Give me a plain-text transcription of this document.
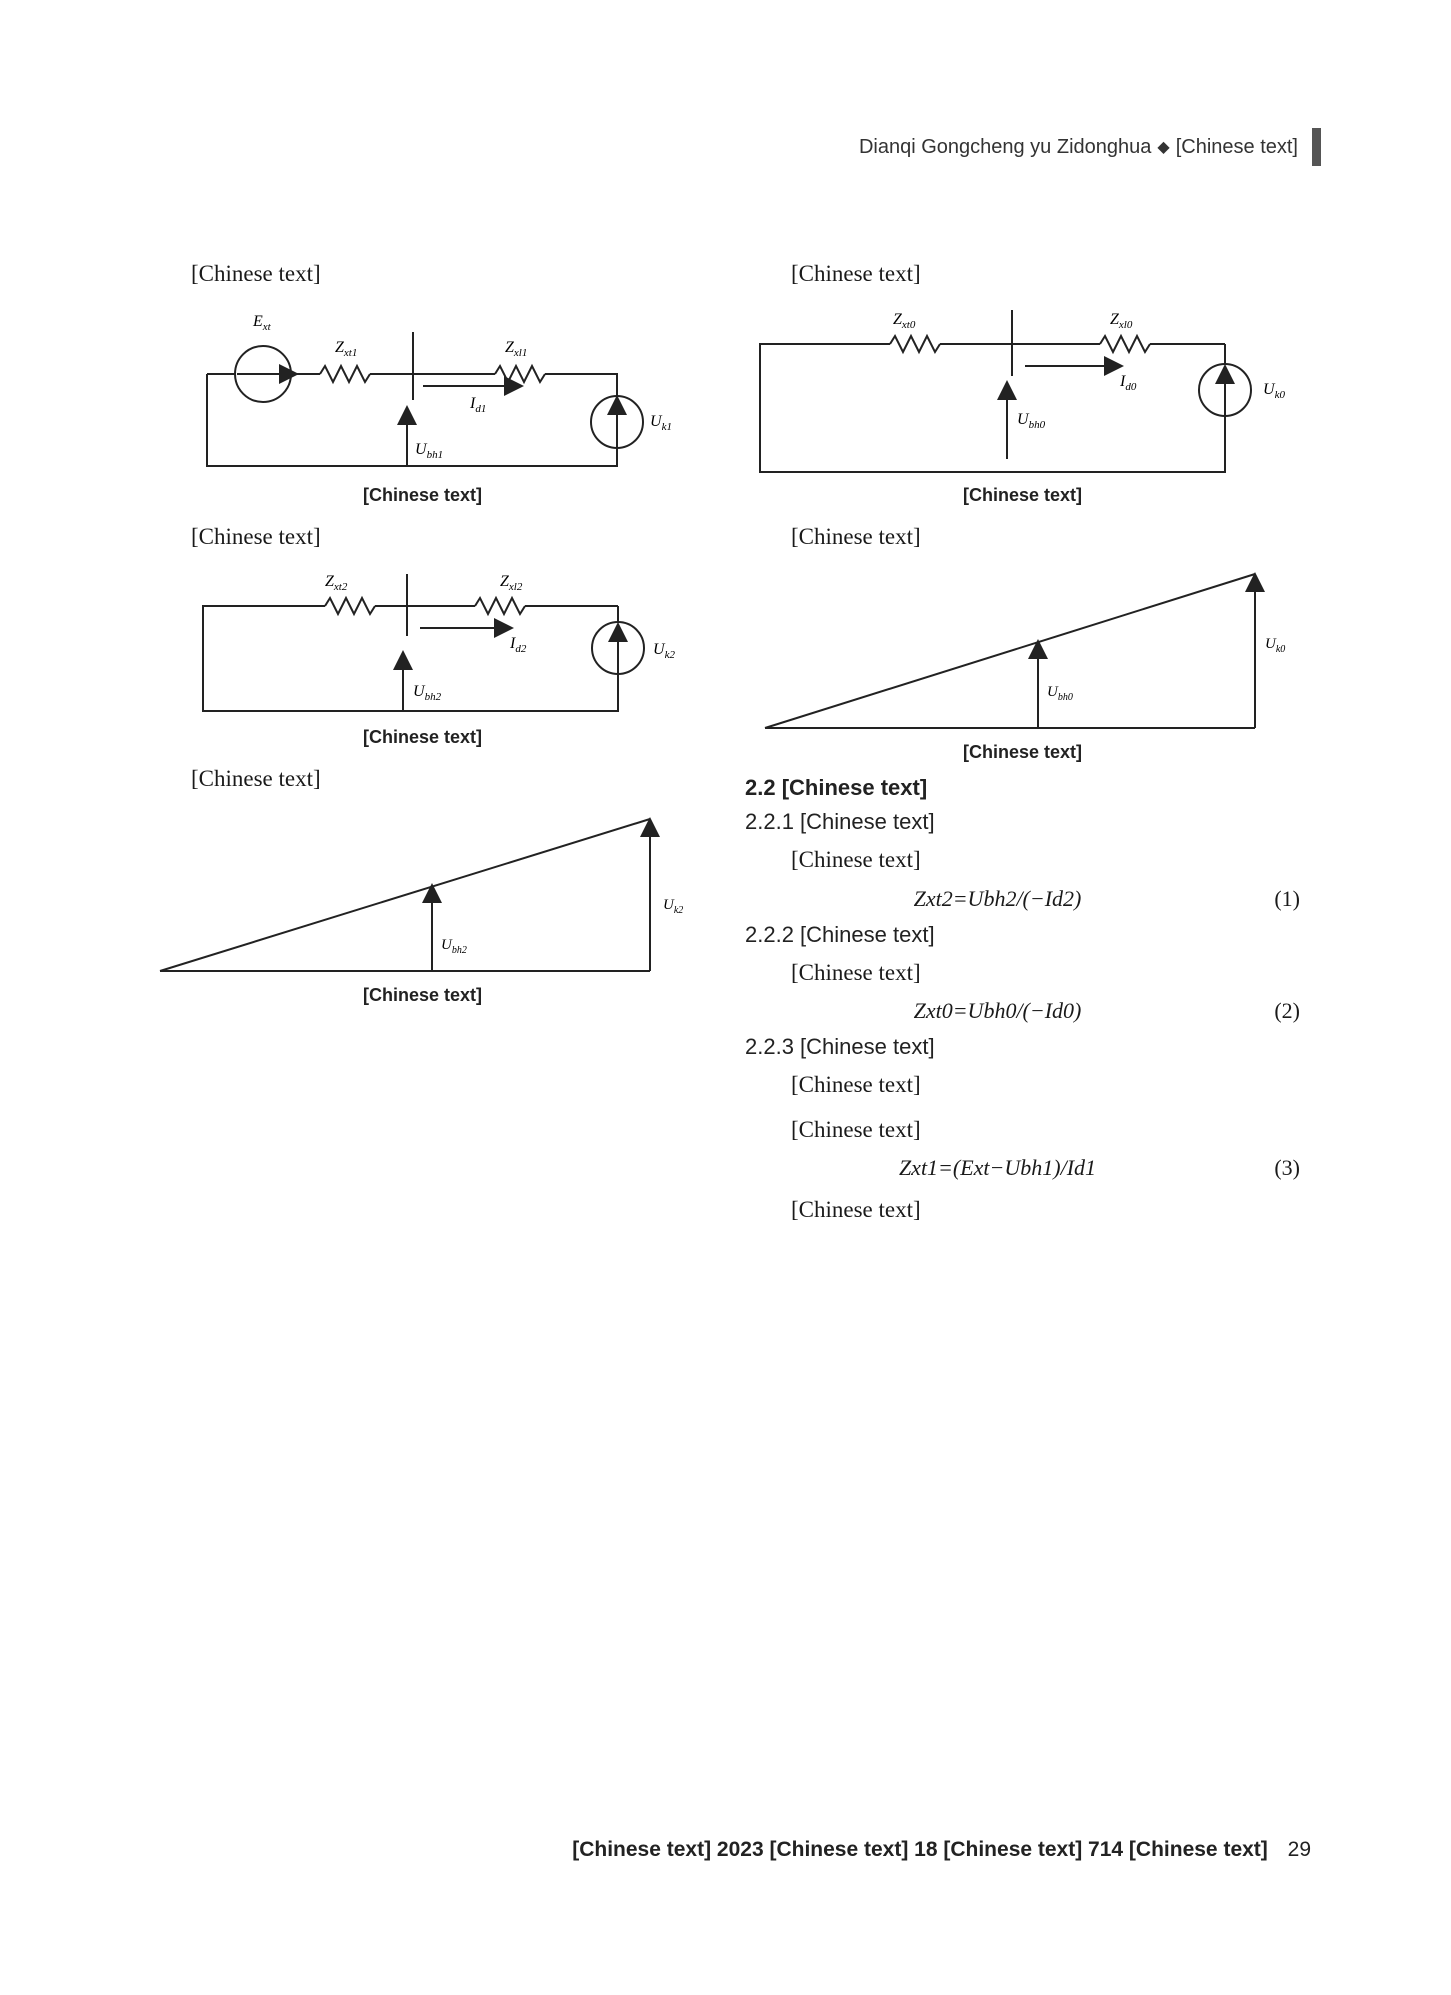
Dianqi Gongcheng yu Zidonghua ◆ [Chinese text]

[Chinese text]

$E_{xt}$
$Z_{xt1}$	$Z_{xl1}$
$I_{d1}$
$U_{bh1}$
$U_{k1}$
[Chinese text]

[Chinese text]

$Z_{xt2}$	$Z_{xl2}$
$I_{d2}$
$U_{bh2}$
$U_{k2}$
[Chinese text]

[Chinese text]

$U_{bh2}$
$U_{k2}$
[Chinese text]

[Chinese text]

$Z_{xt0}$	$Z_{xl0}$
$I_{d0}$
$U_{bh0}$
$U_{k0}$
[Chinese text]

[Chinese text]

$U_{bh0}$
$U_{k0}$
[Chinese text]
2.2 [Chinese text]
2.2.1 [Chinese text]

[Chinese text]

Zxt2=Ubh2/(−Id2)	(1)
2.2.2 [Chinese text]

[Chinese text]

Zxt0=Ubh0/(−Id0)	(2)
2.2.3 [Chinese text]

[Chinese text]

[Chinese text]

Zxt1=(Ext−Ubh1)/Id1	(3)

[Chinese text]

[Chinese text] 2023 [Chinese text] 18 [Chinese text] 714 [Chinese text] 29
